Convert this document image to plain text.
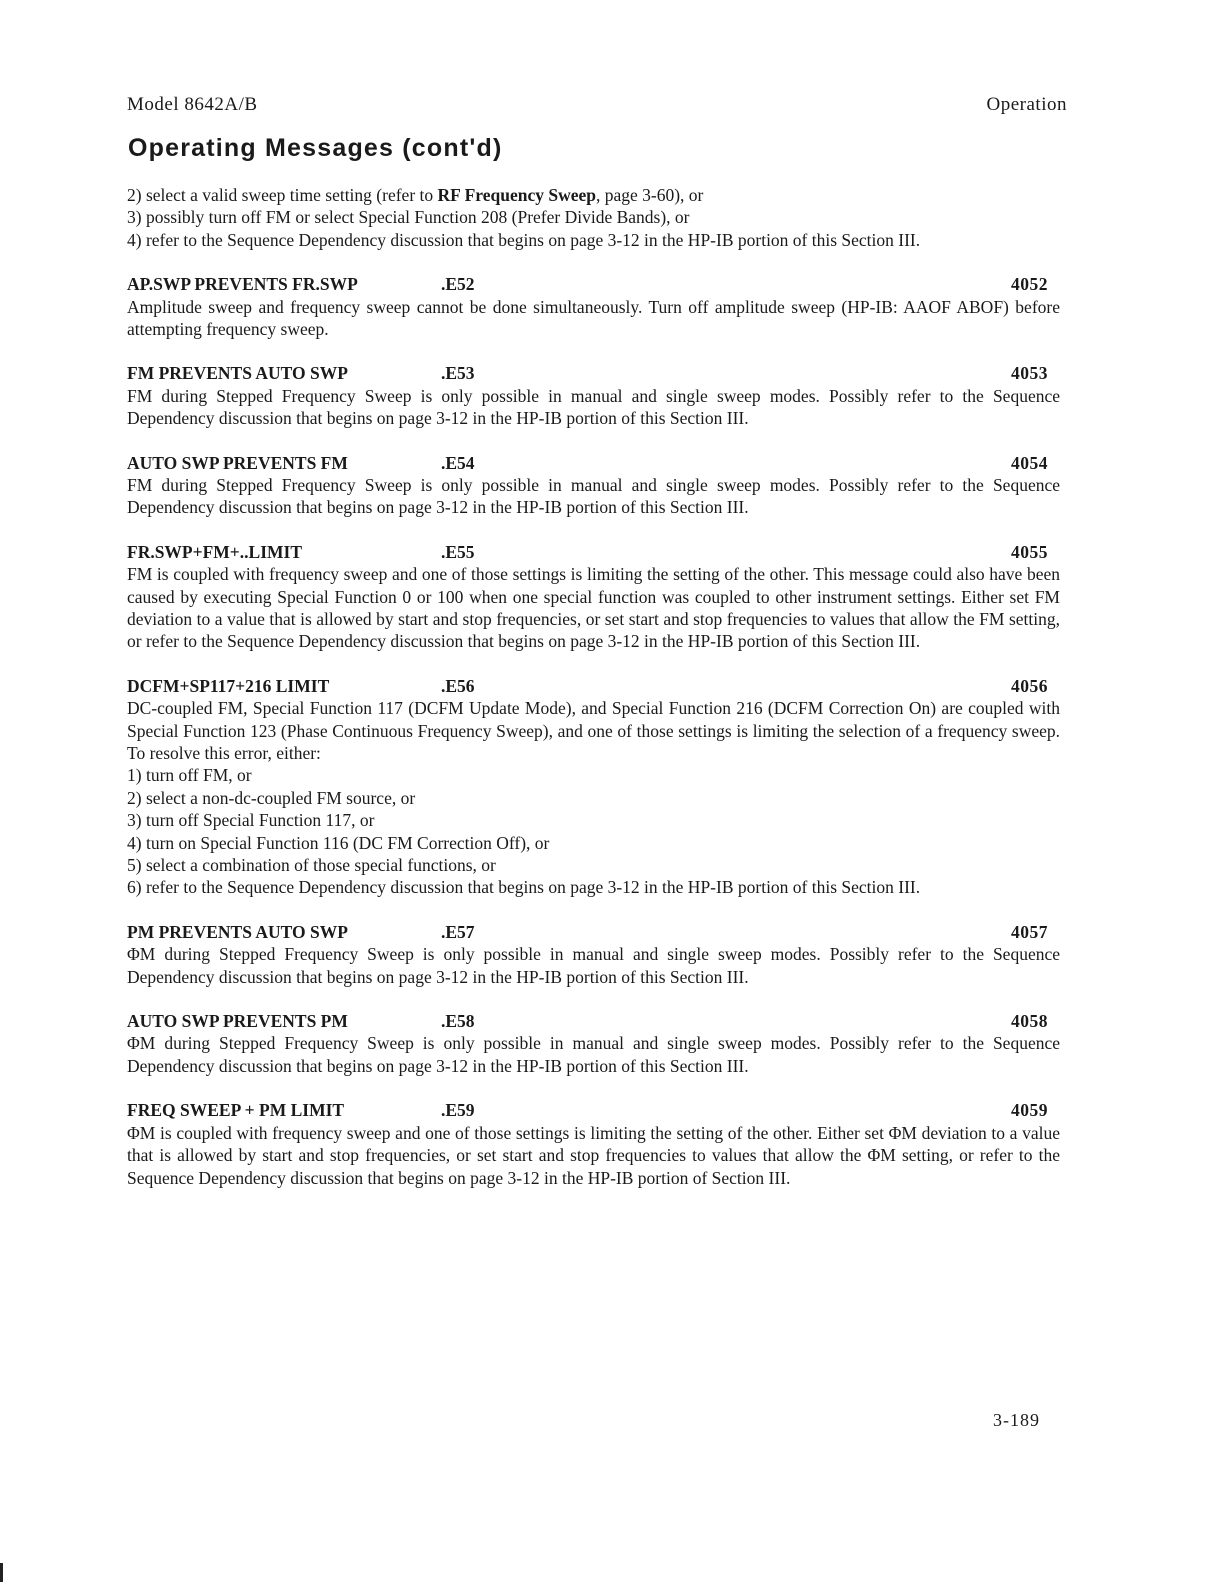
Model 8642A/B	Operation
Operating Messages (cont'd)

2) select a valid sweep time setting (refer to RF Frequency Sweep, page 3-60), or

3) possibly turn off FM or select Special Function 208 (Prefer Divide Bands), or

4) refer to the Sequence Dependency discussion that begins on page 3-12 in the HP-IB portion of this Section III.

AP.SWP PREVENTS FR.SWP	.E52	4052

Amplitude sweep and frequency sweep cannot be done simultaneously. Turn off amplitude sweep (HP-IB: AAOF ABOF) before attempting frequency sweep.

FM PREVENTS AUTO SWP	.E53	4053

FM during Stepped Frequency Sweep is only possible in manual and single sweep modes. Possibly refer to the Sequence Dependency discussion that begins on page 3-12 in the HP-IB portion of this Section III.

AUTO SWP PREVENTS FM	.E54	4054

FM during Stepped Frequency Sweep is only possible in manual and single sweep modes. Possibly refer to the Sequence Dependency discussion that begins on page 3-12 in the HP-IB portion of this Section III.

FR.SWP+FM+..LIMIT	.E55	4055

FM is coupled with frequency sweep and one of those settings is limiting the setting of the other. This message could also have been caused by executing Special Function 0 or 100 when one special function was coupled to other instrument settings. Either set FM deviation to a value that is allowed by start and stop frequencies, or set start and stop frequencies to values that allow the FM setting, or refer to the Sequence Dependency discussion that begins on page 3-12 in the HP-IB portion of this Section III.

DCFM+SP117+216 LIMIT	.E56	4056

DC-coupled FM, Special Function 117 (DCFM Update Mode), and Special Function 216 (DCFM Correction On) are coupled with Special Function 123 (Phase Continuous Frequency Sweep), and one of those settings is limiting the selection of a frequency sweep. To resolve this error, either:

1) turn off FM, or

2) select a non-dc-coupled FM source, or

3) turn off Special Function 117, or

4) turn on Special Function 116 (DC FM Correction Off), or

5) select a combination of those special functions, or

6) refer to the Sequence Dependency discussion that begins on page 3-12 in the HP-IB portion of this Section III.

PM PREVENTS AUTO SWP	.E57	4057

ΦM during Stepped Frequency Sweep is only possible in manual and single sweep modes. Possibly refer to the Sequence Dependency discussion that begins on page 3-12 in the HP-IB portion of this Section III.

AUTO SWP PREVENTS PM	.E58	4058

ΦM during Stepped Frequency Sweep is only possible in manual and single sweep modes. Possibly refer to the Sequence Dependency discussion that begins on page 3-12 in the HP-IB portion of this Section III.

FREQ SWEEP + PM LIMIT	.E59	4059

ΦM is coupled with frequency sweep and one of those settings is limiting the setting of the other. Either set ΦM deviation to a value that is allowed by start and stop frequencies, or set start and stop frequencies to values that allow the ΦM setting, or refer to the Sequence Dependency discussion that begins on page 3-12 in the HP-IB portion of Section III.

3-189
